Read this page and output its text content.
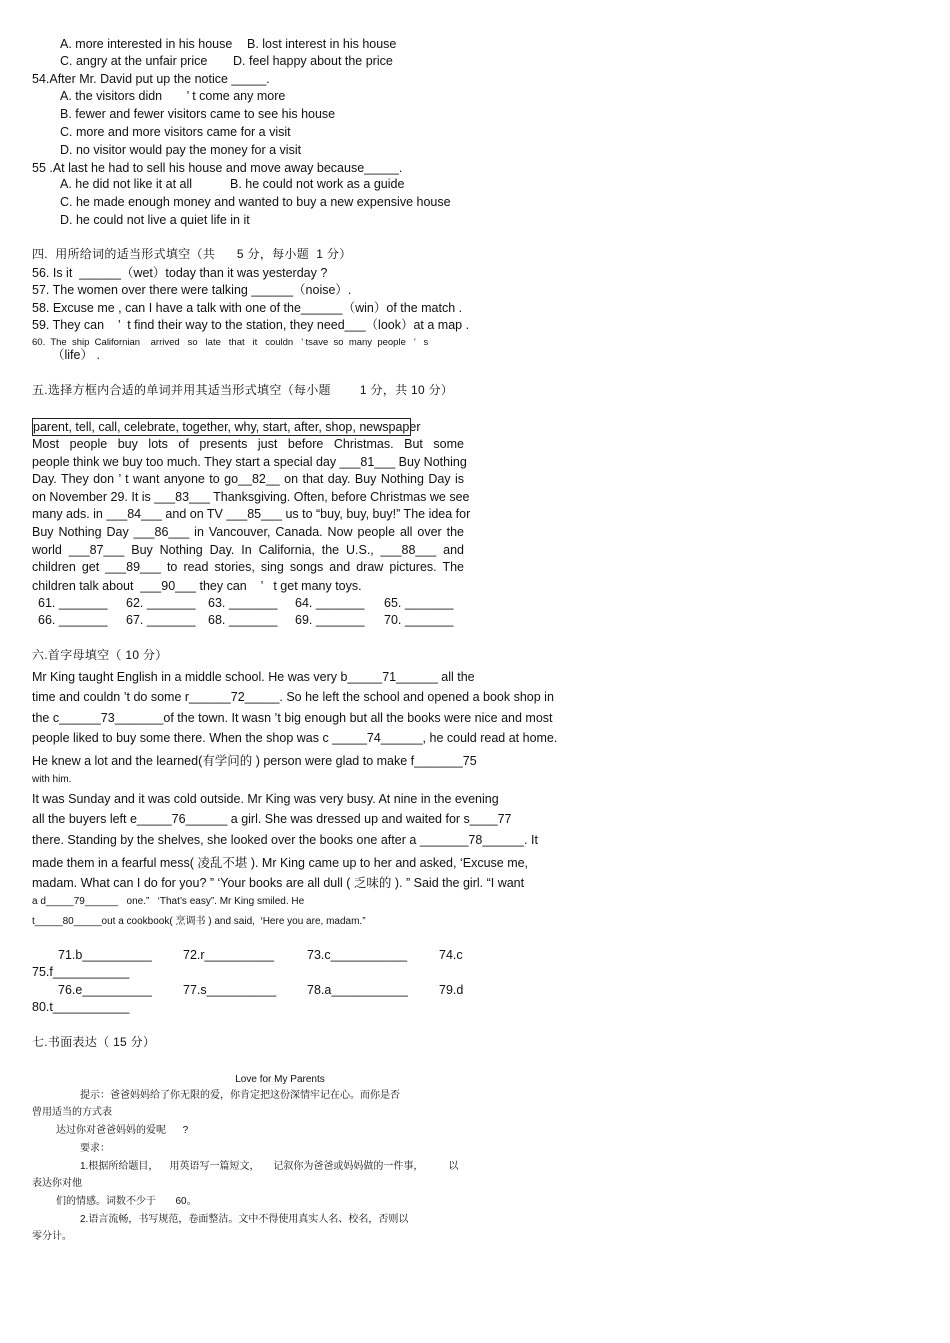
A. more interested in his house B. lost interest in his house
C. angry at the unfair price D. feel happy about the price
54.After Mr. David put up the notice _____.
A. the visitors didn       ’ t come any more
B. fewer and fewer visitors came to see his house
C. more and more visitors came for a visit
D. no visitor would pay the money for a visit
55 .At last he had to sell his house and move away because_____.
A. he did not like it at all	B. he could not work as a guide
C. he made enough money and wanted to buy a new expensive house
D. he could not live a quiet life in it
四.  用所给词的适当形式填空（共      5 分，每小题  1 分）
56. Is it  ______（wet）today than it was yesterday ?
57. The women over there were talking ______（noise）.
58. Excuse me , can I have a talk with one of the______（win）of the match .
59. They can    ’  t find their way to the station, they need___（look）at a map .
60.  The  ship  Californian    arrived   so   late   that   it   couldn   ’ tsave  so  many  people   ’   s
（life） .
五.选择方框内合适的单词并用其适当形式填空（每小题        1 分，共 10 分）
parent, tell, call, celebrate, together, why, start, after, shop, newspaper
Most people buy lots of presents just before Christmas. But some
people think we buy too much. They start a special day ___81___ Buy Nothing
Day. They don ’ t want anyone to go__82__ on that day. Buy Nothing Day is
on November 29. It is ___83___ Thanksgiving. Often, before Christmas we see
many ads. in ___84___ and on TV ___85___ us to “buy, buy, buy!” The idea for
Buy Nothing Day ___86___ in Vancouver, Canada. Now people all over the
world ___87___ Buy Nothing Day. In California, the U.S., ___88___ and
children get ___89___ to read stories, sing songs and draw pictures. The
children talk about  ___90___ they can    ’   t get many toys.
61. _______ 62. _______ 63. _______ 64. _______ 65. _______
66. _______ 67. _______ 68. _______ 69. _______ 70. _______
六.首字母填空（ 10 分）
Mr King taught English in a middle school. He was very b_____71______ all the
time and couldn ’t do some r______72_____. So he left the school and opened a book shop in
the c______73_______of the town. It wasn ’t big enough but all the books were nice and most
people liked to buy some there. When the shop was c _____74______, he could read at home.
He knew a lot and the learned(有学问的 ) person were glad to make f_______75
with him.
It was Sunday and it was cold outside. Mr King was very busy. At nine in the evening
all the buyers left e_____76______ a girl. She was dressed up and waited for s____77
there. Standing by the shelves, she looked over the books one after a _______78______. It
made them in a fearful mess( 凌乱不堪 ). Mr King came up to her and asked, ‘Excuse me,
madam. What can I do for you? ” ‘Your books are all dull ( 乏味的 ). ” Said the girl. “I want
a d_____79______   one.”   ‘That’s easy”. Mr King smiled. He
t_____80_____out a cookbook( 烹调书 ) and said,  ‘Here you are, madam.”
71.b__________ 72.r__________	73.c___________	74.c
75.f___________
76.e__________ 77.s__________ 78.a___________ 79.d
80.t___________
七.书面表达（ 15 分）
Love for My Parents
提示：爸爸妈妈给了你无限的爱，你肯定把这份深情牢记在心。而你是否
曾用适当的方式表
达过你对爸爸妈妈的爱呢      ?
要求：
1.根据所给题目，    用英语写一篇短文，     记叙你为爸爸或妈妈做的一件事，         以
表达你对他
们的情感。词数不少于       60。
2.语言流畅，书写规范，卷面整洁。文中不得使用真实人名、校名，否则以
零分计。
